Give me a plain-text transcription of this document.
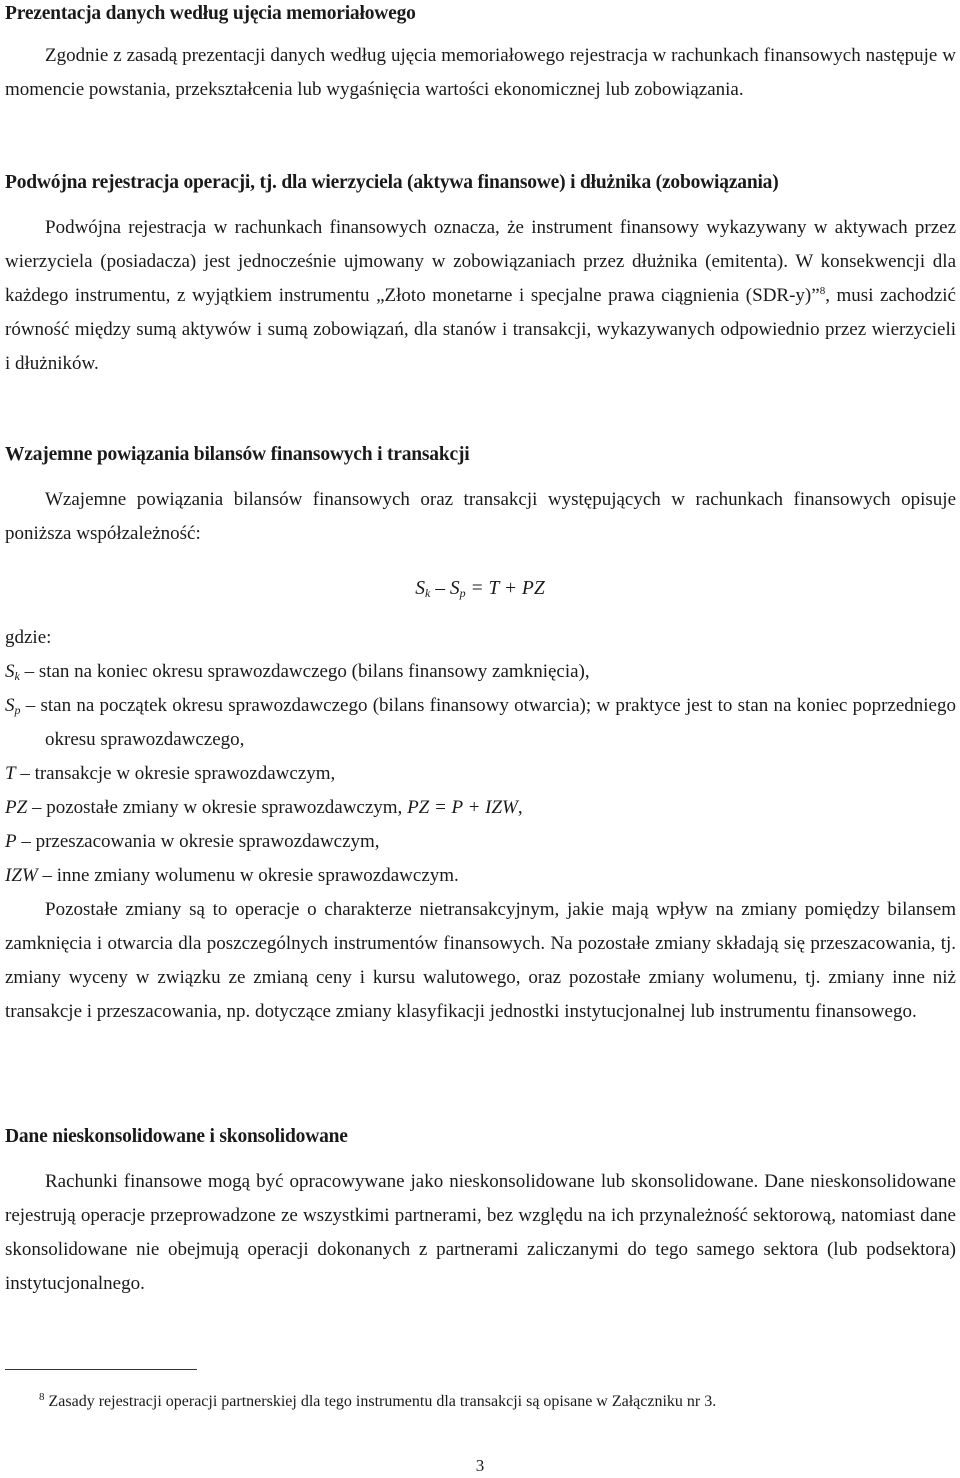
Prezentacja danych według ujęcia memoriałowego

Zgodnie z zasadą prezentacji danych według ujęcia memoriałowego rejestracja w rachunkach finansowych następuje w momencie powstania, przekształcenia lub wygaśnięcia wartości ekonomicznej lub zobowiązania.

Podwójna rejestracja operacji, tj. dla wierzyciela (aktywa finansowe) i dłużnika (zobowiązania)

Podwójna rejestracja w rachunkach finansowych oznacza, że instrument finansowy wykazywany w aktywach przez wierzyciela (posiadacza) jest jednocześnie ujmowany w zobowiązaniach przez dłużnika (emitenta). W konsekwencji dla każdego instrumentu, z wyjątkiem instrumentu „Złoto monetarne i specjalne prawa ciągnienia (SDR-y)”$^8$, musi zachodzić równość między sumą aktywów i sumą zobowiązań, dla stanów i transakcji, wykazywanych odpowiednio przez wierzycieli i dłużników.

Wzajemne powiązania bilansów finansowych i transakcji

Wzajemne powiązania bilansów finansowych oraz transakcji występujących w rachunkach finansowych opisuje poniższa współzależność:

$S_k - S_p = T$ + PZ
gdzie:

$S_k$ – stan na koniec okresu sprawozdawczego (bilans finansowy zamknięcia),

$S_p$ – stan na początek okresu sprawozdawczego (bilans finansowy otwarcia); w praktyce jest to stan na koniec poprzedniego okresu sprawozdawczego,

T – transakcje w okresie sprawozdawczym,

PZ – pozostałe zmiany w okresie sprawozdawczym, PZ = P + IZW,

P – przeszacowania w okresie sprawozdawczym,

IZW – inne zmiany wolumenu w okresie sprawozdawczym.

Pozostałe zmiany są to operacje o charakterze nietransakcyjnym, jakie mają wpływ na zmiany pomiędzy bilansem zamknięcia i otwarcia dla poszczególnych instrumentów finansowych. Na pozostałe zmiany składają się przeszacowania, tj. zmiany wyceny w związku ze zmianą ceny i kursu walutowego, oraz pozostałe zmiany wolumenu, tj. zmiany inne niż transakcje i przeszacowania, np. dotyczące zmiany klasyfikacji jednostki instytucjonalnej lub instrumentu finansowego.

Dane nieskonsolidowane i skonsolidowane

Rachunki finansowe mogą być opracowywane jako nieskonsolidowane lub skonsolidowane. Dane nieskonsolidowane rejestrują operacje przeprowadzone ze wszystkimi partnerami, bez względu na ich przynależność sektorową, natomiast dane skonsolidowane nie obejmują operacji dokonanych z partnerami zaliczanymi do tego samego sektora (lub podsektora) instytucjonalnego.

$^8$ Zasady rejestracji operacji partnerskiej dla tego instrumentu dla transakcji są opisane w Załączniku nr 3.

3
